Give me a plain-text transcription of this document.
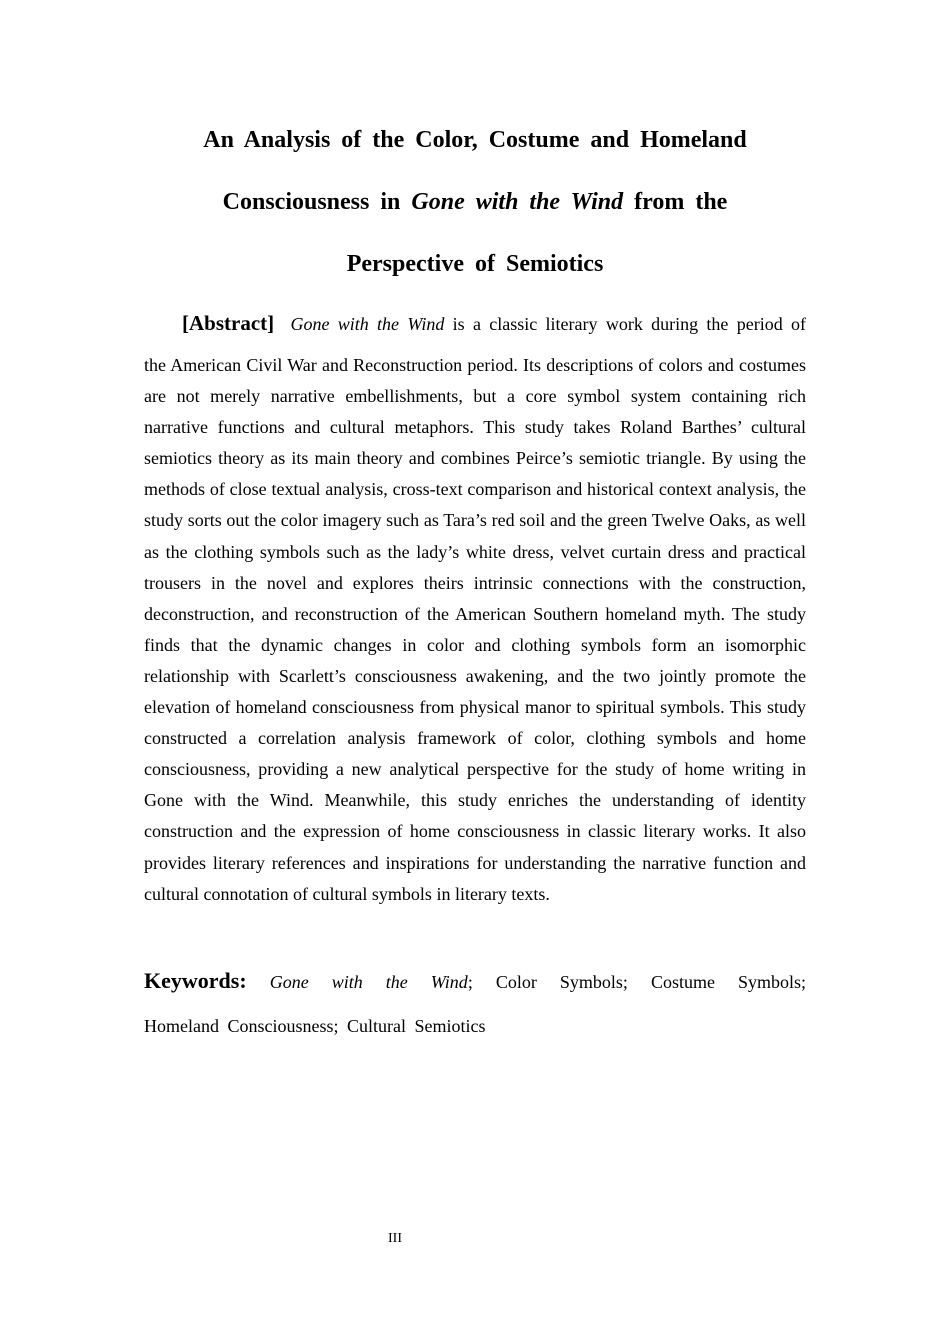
An Analysis of the Color, Costume and Homeland
Consciousness in Gone with the Wind from the
Perspective of Semiotics
[Abstract] Gone with the Wind is a classic literary work during the period of
the American Civil War and Reconstruction period. Its descriptions of colors and costumes are not merely narrative embellishments, but a core symbol system containing rich narrative functions and cultural metaphors. This study takes Roland Barthes’ cultural semiotics theory as its main theory and combines Peirce’s semiotic triangle. By using the methods of close textual analysis, cross-text comparison and historical context analysis, the study sorts out the color imagery such as Tara’s red soil and the green Twelve Oaks, as well as the clothing symbols such as the lady’s white dress, velvet curtain dress and practical trousers in the novel and explores theirs intrinsic connections with the construction, deconstruction, and reconstruction of the American Southern homeland myth. The study finds that the dynamic changes in color and clothing symbols form an isomorphic relationship with Scarlett’s consciousness awakening, and the two jointly promote the elevation of homeland consciousness from physical manor to spiritual symbols. This study constructed a correlation analysis framework of color, clothing symbols and home consciousness, providing a new analytical perspective for the study of home writing in Gone with the Wind. Meanwhile, this study enriches the understanding of identity construction and the expression of home consciousness in classic literary works. It also provides literary references and inspirations for understanding the narrative function and cultural connotation of cultural symbols in literary texts.
Keywords: Gone with the Wind; Color Symbols; Costume Symbols;
Homeland Consciousness; Cultural Semiotics
III
